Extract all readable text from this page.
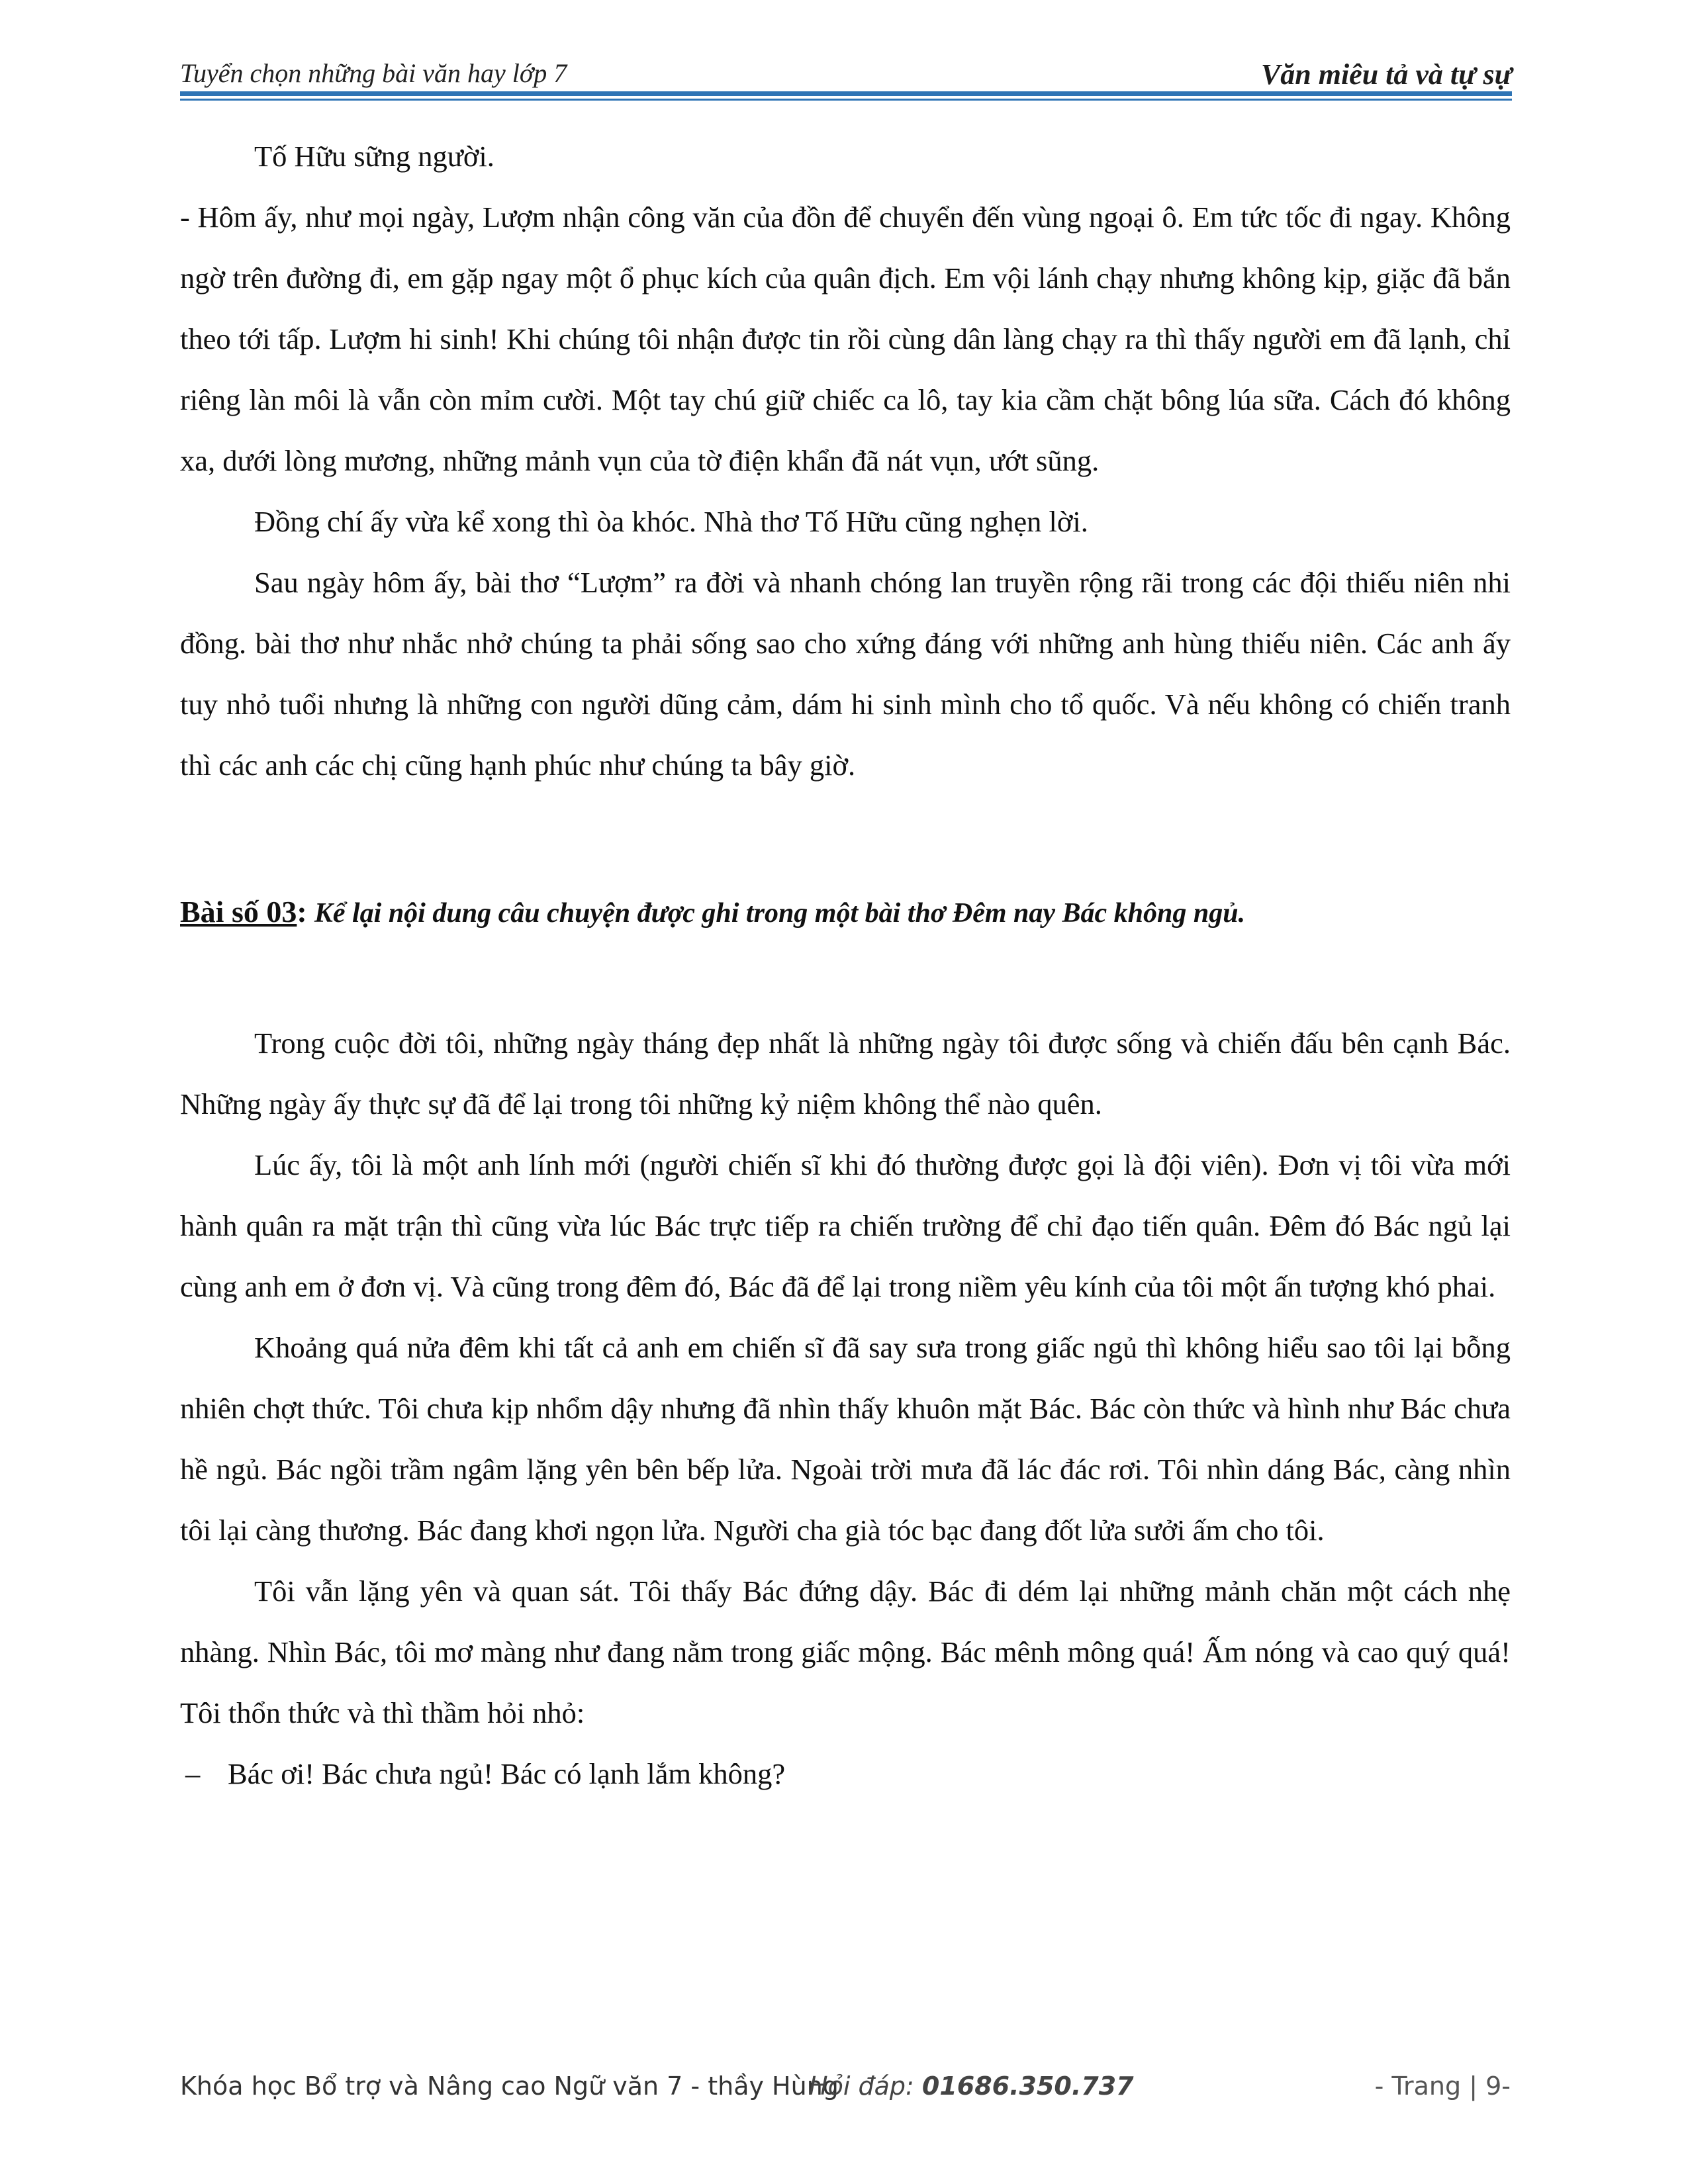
Tuyển chọn những bài văn hay lớp 7	Văn miêu tả và tự sự

Tố Hữu sững người.

- Hôm ấy, như mọi ngày, Lượm nhận công văn của đồn để chuyển đến vùng ngoại ô. Em tức tốc đi ngay. Không ngờ trên đường đi, em gặp ngay một ổ phục kích của quân địch. Em vội lánh chạy nhưng không kịp, giặc đã bắn theo tới tấp. Lượm hi sinh! Khi chúng tôi nhận được tin rồi cùng dân làng chạy ra thì thấy người em đã lạnh, chỉ riêng làn môi là vẫn còn mỉm cười. Một tay chú giữ chiếc ca lô, tay kia cầm chặt bông lúa sữa. Cách đó không xa, dưới lòng mương, những mảnh vụn của tờ điện khẩn đã nát vụn, ướt sũng.

Đồng chí ấy vừa kể xong thì òa khóc. Nhà thơ Tố Hữu cũng nghẹn lời.

Sau ngày hôm ấy, bài thơ “Lượm” ra đời và nhanh chóng lan truyền rộng rãi trong các đội thiếu niên nhi đồng. bài thơ như nhắc nhở chúng ta phải sống sao cho xứng đáng với những anh hùng thiếu niên. Các anh ấy tuy nhỏ tuổi nhưng là những con người dũng cảm, dám hi sinh mình cho tổ quốc. Và nếu không có chiến tranh thì các anh các chị cũng hạnh phúc như chúng ta bây giờ.

Bài số 03: Kể lại nội dung câu chuyện được ghi trong một bài thơ Đêm nay Bác không ngủ.

Trong cuộc đời tôi, những ngày tháng đẹp nhất là những ngày tôi được sống và chiến đấu bên cạnh Bác. Những ngày ấy thực sự đã để lại trong tôi những kỷ niệm không thể nào quên.

Lúc ấy, tôi là một anh lính mới (người chiến sĩ khi đó thường được gọi là đội viên). Đơn vị tôi vừa mới hành quân ra mặt trận thì cũng vừa lúc Bác trực tiếp ra chiến trường để chỉ đạo tiến quân. Đêm đó Bác ngủ lại cùng anh em ở đơn vị. Và cũng trong đêm đó, Bác đã để lại trong niềm yêu kính của tôi một ấn tượng khó phai.

Khoảng quá nửa đêm khi tất cả anh em chiến sĩ đã say sưa trong giấc ngủ thì không hiểu sao tôi lại bỗng nhiên chợt thức. Tôi chưa kịp nhổm dậy nhưng đã nhìn thấy khuôn mặt Bác. Bác còn thức và hình như Bác chưa hề ngủ. Bác ngồi trầm ngâm lặng yên bên bếp lửa. Ngoài trời mưa đã lác đác rơi. Tôi nhìn dáng Bác, càng nhìn tôi lại càng thương. Bác đang khơi ngọn lửa. Người cha già tóc bạc đang đốt lửa sưởi ấm cho tôi.

Tôi vẫn lặng yên và quan sát. Tôi thấy Bác đứng dậy. Bác đi dém lại những mảnh chăn một cách nhẹ nhàng. Nhìn Bác, tôi mơ màng như đang nằm trong giấc mộng. Bác mênh mông quá! Ấm nóng và cao quý quá! Tôi thổn thức và thì thầm hỏi nhỏ:

– Bác ơi! Bác chưa ngủ! Bác có lạnh lắm không?

Khóa học Bổ trợ và Nâng cao Ngữ văn 7 - thầy Hùng
Hỏi đáp: 01686.350.737	- Trang | 9-
